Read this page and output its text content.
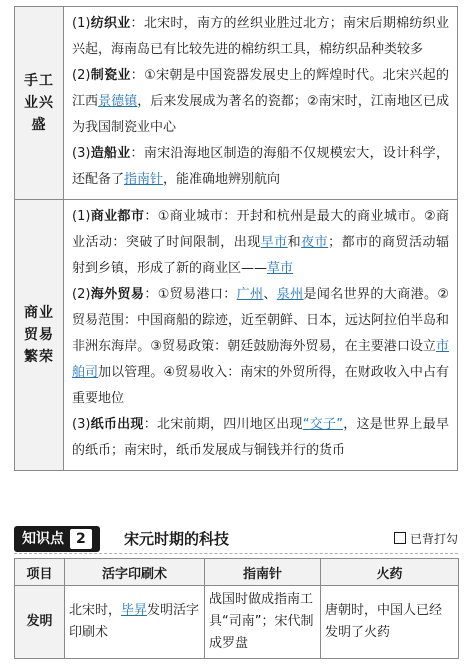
手工业兴盛	(1)纺织业：北宋时，南方的丝织业胜过北方；南宋后期棉纺织业兴起，海南岛已有比较先进的棉纺织工具，棉纺织品种类较多
(2)制瓷业：①宋朝是中国瓷器发展史上的辉煌时代。北宋兴起的江西景德镇，后来发展成为著名的瓷都；②南宋时，江南地区已成为我国制瓷业中心
(3)造船业：南宋沿海地区制造的海船不仅规模宏大，设计科学，还配备了指南针，能准确地辨别航向

商业贸易繁荣	(1)商业都市：①商业城市：开封和杭州是最大的商业城市。②商业活动：突破了时间限制，出现早市和夜市；都市的商贸活动辐射到乡镇，形成了新的商业区——草市
(2)海外贸易：①贸易港口：广州、泉州是闻名世界的大商港。②贸易范围：中国商船的踪迹，近至朝鲜、日本，远达阿拉伯半岛和非洲东海岸。③贸易政策：朝廷鼓励海外贸易，在主要港口设立市舶司加以管理。④贸易收入：南宋的外贸所得，在财政收入中占有重要地位
(3)纸币出现：北宋前期，四川地区出现“交子”，这是世界上最早的纸币；南宋时，纸币发展成与铜钱并行的货币
知识点 2	宋元时期的科技	已背打勾
项目	活字印刷术	指南针	火药
发明	北宋时，毕昇发明活字印刷术	战国时做成指南工具“司南”；宋代制成罗盘	唐朝时，中国人已经发明了火药
